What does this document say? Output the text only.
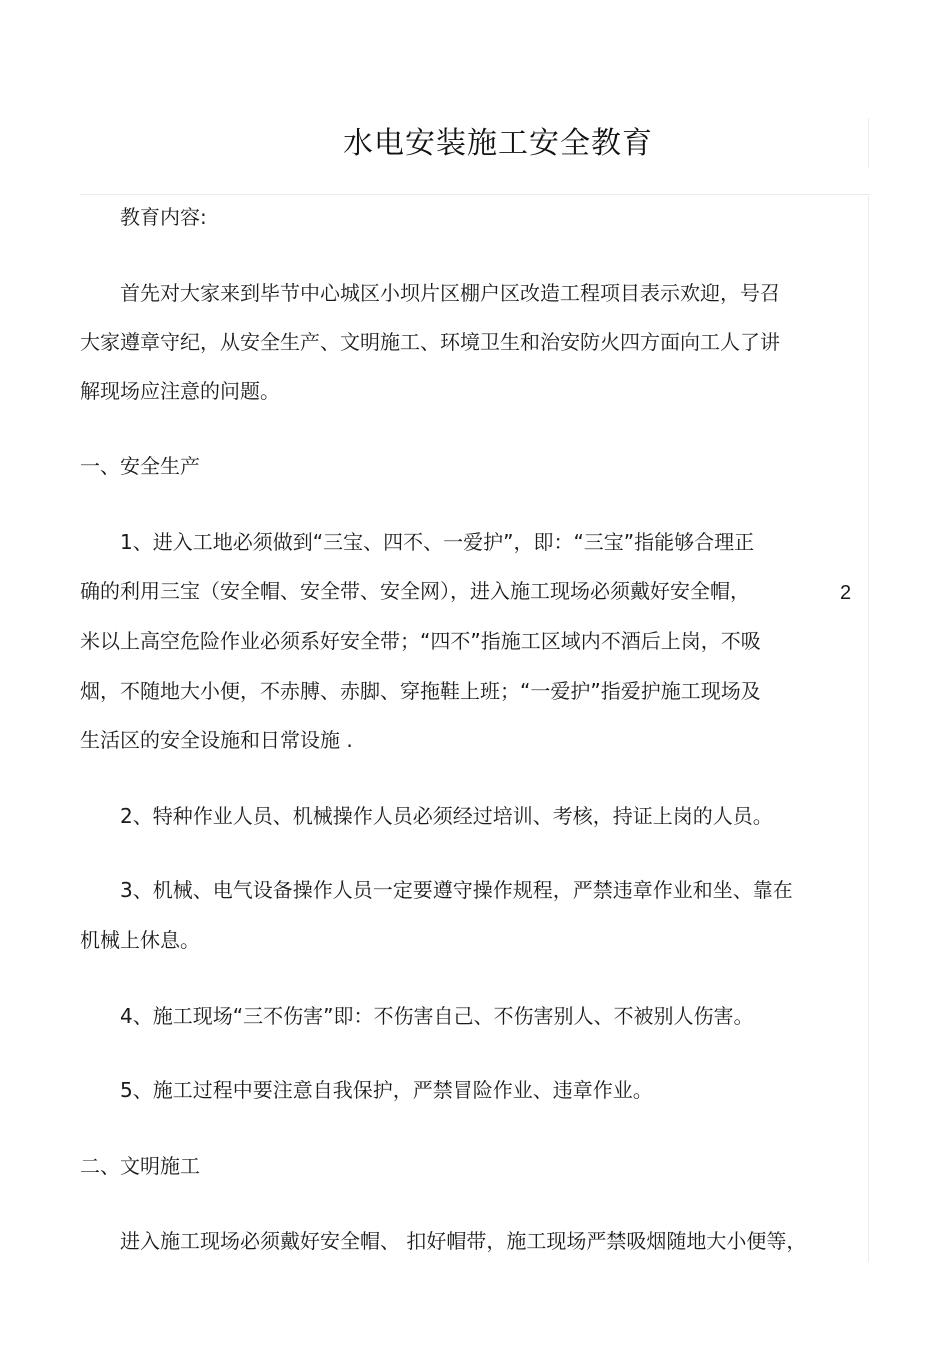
水电安装施工安全教育
教育内容:
首先对大家来到毕节中心城区小坝片区棚户区改造工程项目表示欢迎，号召
大家遵章守纪，从安全生产、文明施工、环境卫生和治安防火四方面向工人了讲
解现场应注意的问题。
一、安全生产
1、进入工地必须做到“三宝、四不、一爱护”，即：“三宝”指能够合理正
确的利用三宝（安全帽、安全带、安全网），进入施工现场必须戴好安全帽，	2
米以上高空危险作业必须系好安全带；“四不”指施工区域内不酒后上岗，不吸
烟，不随地大小便，不赤膊、赤脚、穿拖鞋上班；“一爱护”指爱护施工现场及
生活区的安全设施和日常设施 .
2、特种作业人员、机械操作人员必须经过培训、考核，持证上岗的人员。
3、机械、电气设备操作人员一定要遵守操作规程，严禁违章作业和坐、靠在
机械上休息。
4、施工现场“三不伤害”即：不伤害自己、不伤害别人、不被别人伤害。
5、施工过程中要注意自我保护，严禁冒险作业、违章作业。
二、文明施工
进入施工现场必须戴好安全帽、 扣好帽带，施工现场严禁吸烟随地大小便等，
